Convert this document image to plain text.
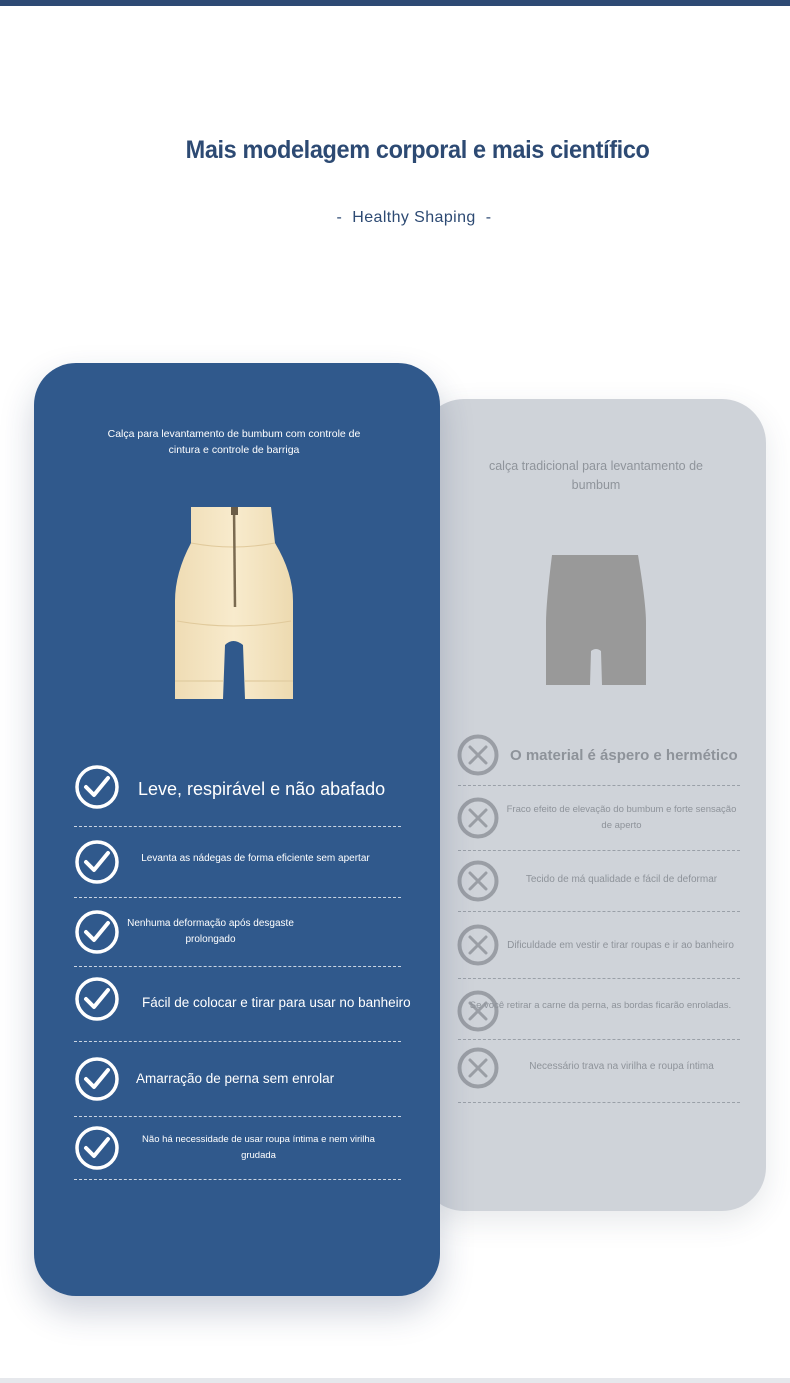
Mais modelagem corporal e mais científico
- Healthy Shaping -
calça tradicional para levantamento de bumbum
O material é áspero e hermético
Fraco efeito de elevação do bumbum e forte sensação de aperto
Tecido de má qualidade e fácil de deformar
Dificuldade em vestir e tirar roupas e ir ao banheiro
Se você retirar a carne da perna, as bordas ficarão enroladas.
Necessário trava na virilha e roupa íntima
Calça para levantamento de bumbum com controle de cintura e controle de barriga
Leve, respirável e não abafado
Levanta as nádegas de forma eficiente sem apertar
Nenhuma deformação após desgaste prolongado
Fácil de colocar e tirar para usar no banheiro
Amarração de perna sem enrolar
Não há necessidade de usar roupa íntima e nem virilha grudada
